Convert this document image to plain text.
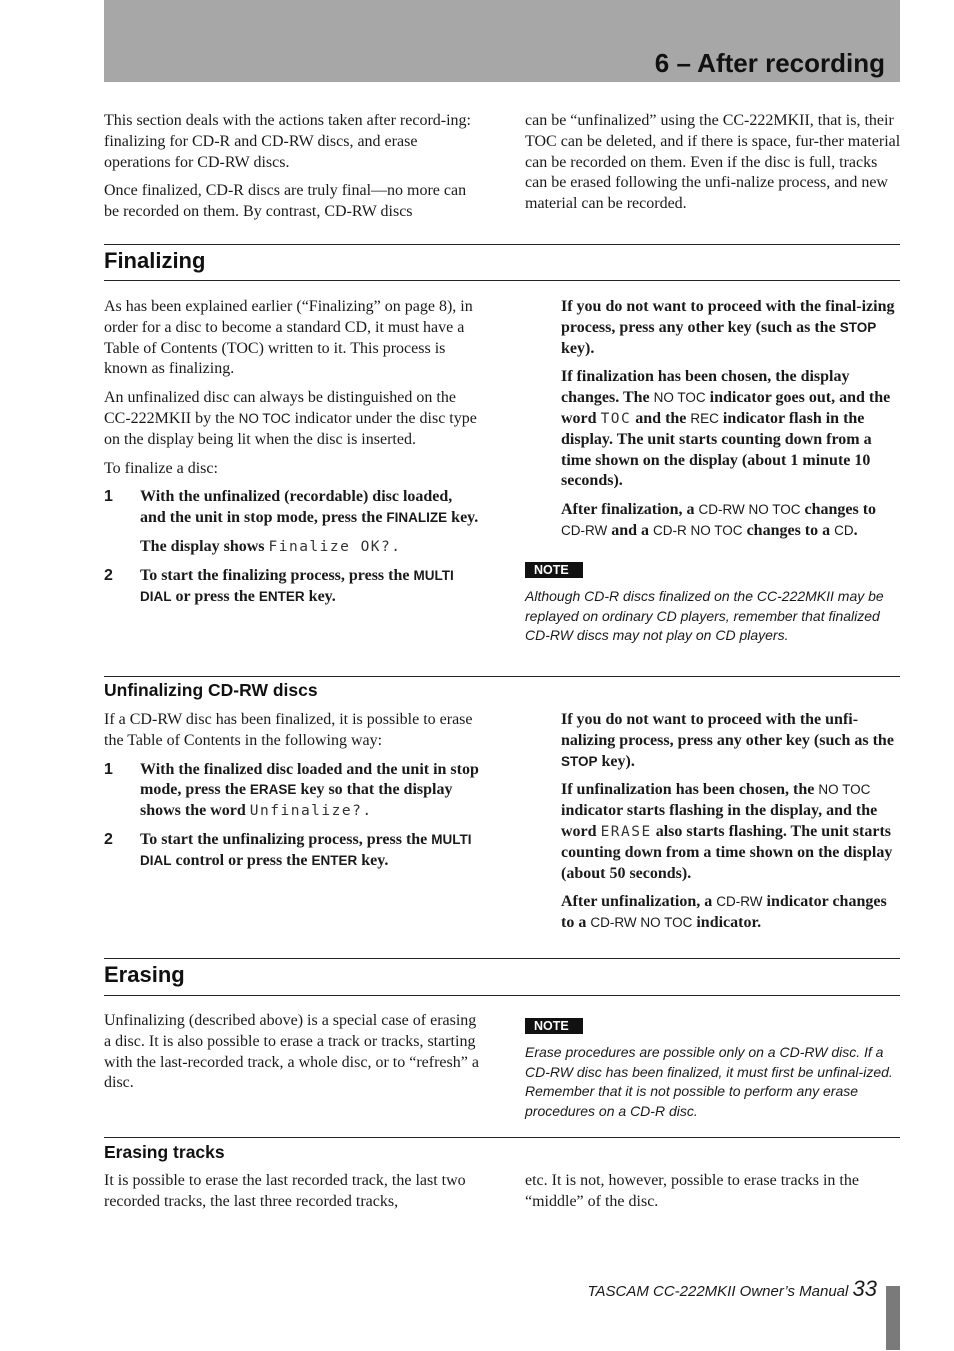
6 – After recording

This section deals with the actions taken after record-ing: finalizing for CD-R and CD-RW discs, and erase operations for CD-RW discs.

Once finalized, CD-R discs are truly final—no more can be recorded on them. By contrast, CD-RW discs

can be “unfinalized” using the CC-222MKII, that is, their TOC can be deleted, and if there is space, fur-ther material can be recorded on them. Even if the disc is full, tracks can be erased following the unfi-nalize process, and new material can be recorded.

Finalizing

As has been explained earlier (“Finalizing” on page 8), in order for a disc to become a standard CD, it must have a Table of Contents (TOC) written to it. This process is known as finalizing.

An unfinalized disc can always be distinguished on the CC-222MKII by the NO TOC indicator under the disc type on the display being lit when the disc is inserted.

To finalize a disc:

1 With the unfinalized (recordable) disc loaded, and the unit in stop mode, press the FINALIZE key.
The display shows Finalize OK?.
2 To start the finalizing process, press the MULTI DIAL or press the ENTER key.

If you do not want to proceed with the final-izing process, press any other key (such as the STOP key).

If finalization has been chosen, the display changes. The NO TOC indicator goes out, and the word TOC and the REC indicator flash in the display. The unit starts counting down from a time shown on the display (about 1 minute 10 seconds).

After finalization, a CD-RW NO TOC changes to CD-RW and a CD-R NO TOC changes to a CD.

NOTE
Although CD-R discs finalized on the CC-222MKII may be replayed on ordinary CD players, remember that finalized CD-RW discs may not play on CD players.
Unfinalizing CD-RW discs

If a CD-RW disc has been finalized, it is possible to erase the Table of Contents in the following way:

1 With the finalized disc loaded and the unit in stop mode, press the ERASE key so that the display shows the word Unfinalize?.
2 To start the unfinalizing process, press the MULTI DIAL control or press the ENTER key.

If you do not want to proceed with the unfi-nalizing process, press any other key (such as the STOP key).

If unfinalization has been chosen, the NO TOC indicator starts flashing in the display, and the word ERASE also starts flashing. The unit starts counting down from a time shown on the display (about 50 seconds).

After unfinalization, a CD-RW indicator changes to a CD-RW NO TOC indicator.

Erasing

Unfinalizing (described above) is a special case of erasing a disc. It is also possible to erase a track or tracks, starting with the last-recorded track, a whole disc, or to “refresh” a disc.

NOTE
Erase procedures are possible only on a CD-RW disc. If a CD-RW disc has been finalized, it must first be unfinal-ized. Remember that it is not possible to perform any erase procedures on a CD-R disc.
Erasing tracks

It is possible to erase the last recorded track, the last two recorded tracks, the last three recorded tracks,

etc. It is not, however, possible to erase tracks in the “middle” of the disc.

TASCAM CC-222MKII Owner’s Manual 33
